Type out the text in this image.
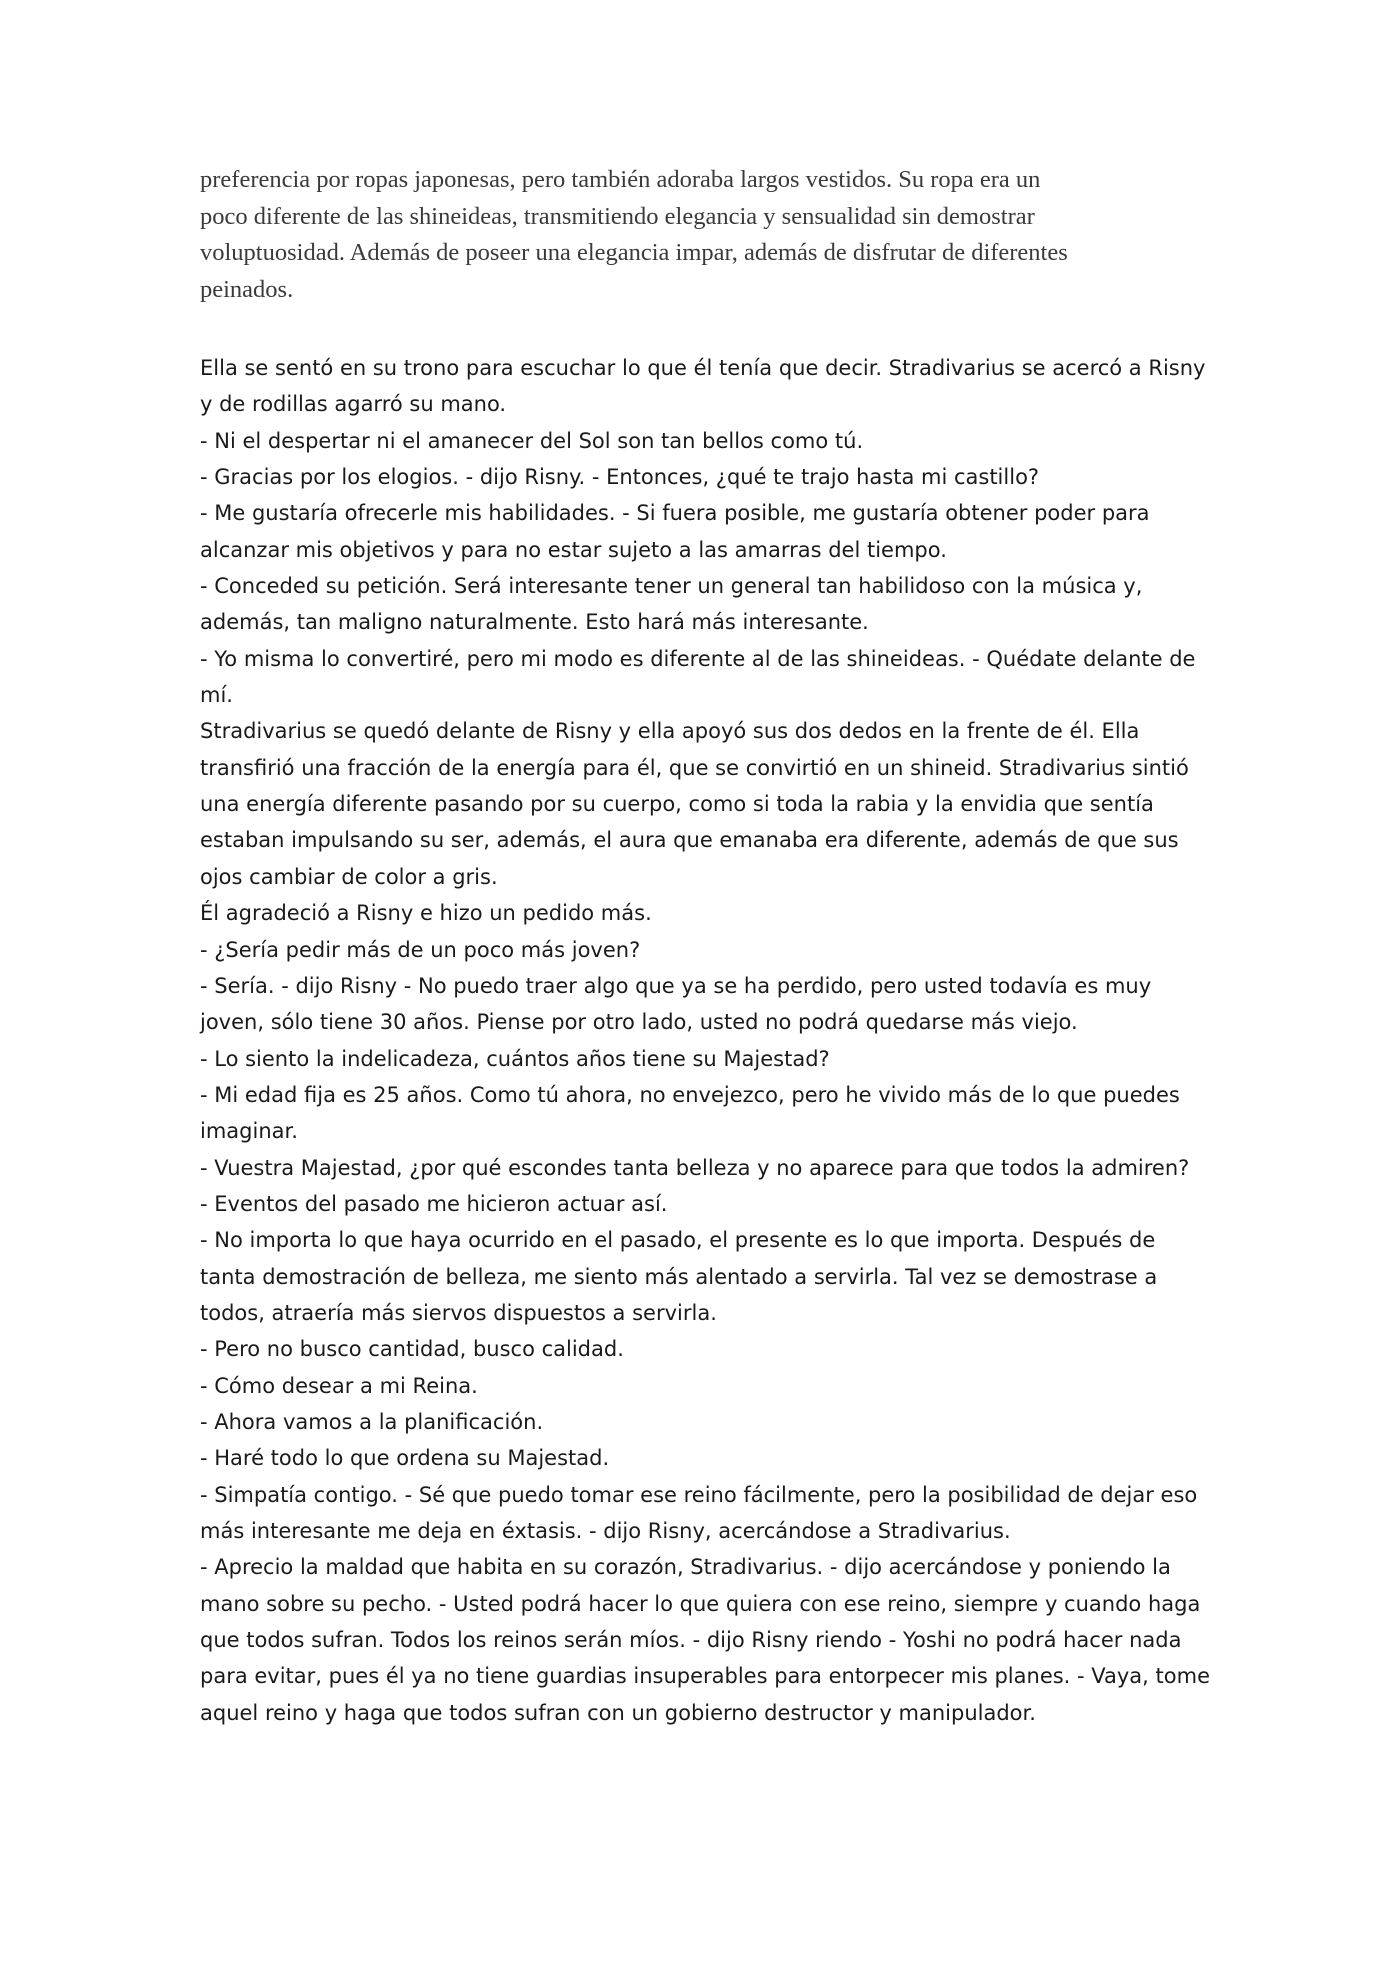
preferencia por ropas japonesas, pero también adoraba largos vestidos. Su ropa era un
poco diferente de las shineideas, transmitiendo elegancia y sensualidad sin demostrar
voluptuosidad. Además de poseer una elegancia impar, además de disfrutar de diferentes
peinados.
Ella se sentó en su trono para escuchar lo que él tenía que decir. Stradivarius se acercó a Risny
y de rodillas agarró su mano.
- Ni el despertar ni el amanecer del Sol son tan bellos como tú.
- Gracias por los elogios. - dijo Risny. - Entonces, ¿qué te trajo hasta mi castillo?
- Me gustaría ofrecerle mis habilidades. - Si fuera posible, me gustaría obtener poder para
alcanzar mis objetivos y para no estar sujeto a las amarras del tiempo.
- Conceded su petición. Será interesante tener un general tan habilidoso con la música y,
además, tan maligno naturalmente. Esto hará más interesante.
- Yo misma lo convertiré, pero mi modo es diferente al de las shineideas. - Quédate delante de
mí.
Stradivarius se quedó delante de Risny y ella apoyó sus dos dedos en la frente de él. Ella
transfirió una fracción de la energía para él, que se convirtió en un shineid. Stradivarius sintió
una energía diferente pasando por su cuerpo, como si toda la rabia y la envidia que sentía
estaban impulsando su ser, además, el aura que emanaba era diferente, además de que sus
ojos cambiar de color a gris.
Él agradeció a Risny e hizo un pedido más.
- ¿Sería pedir más de un poco más joven?
- Sería. - dijo Risny - No puedo traer algo que ya se ha perdido, pero usted todavía es muy
joven, sólo tiene 30 años. Piense por otro lado, usted no podrá quedarse más viejo.
- Lo siento la indelicadeza, cuántos años tiene su Majestad?
- Mi edad fija es 25 años. Como tú ahora, no envejezco, pero he vivido más de lo que puedes
imaginar.
- Vuestra Majestad, ¿por qué escondes tanta belleza y no aparece para que todos la admiren?
- Eventos del pasado me hicieron actuar así.
- No importa lo que haya ocurrido en el pasado, el presente es lo que importa. Después de
tanta demostración de belleza, me siento más alentado a servirla. Tal vez se demostrase a
todos, atraería más siervos dispuestos a servirla.
- Pero no busco cantidad, busco calidad.
- Cómo desear a mi Reina.
- Ahora vamos a la planificación.
- Haré todo lo que ordena su Majestad.
- Simpatía contigo. - Sé que puedo tomar ese reino fácilmente, pero la posibilidad de dejar eso
más interesante me deja en éxtasis. - dijo Risny, acercándose a Stradivarius.
- Aprecio la maldad que habita en su corazón, Stradivarius. - dijo acercándose y poniendo la
mano sobre su pecho. - Usted podrá hacer lo que quiera con ese reino, siempre y cuando haga
que todos sufran. Todos los reinos serán míos. - dijo Risny riendo - Yoshi no podrá hacer nada
para evitar, pues él ya no tiene guardias insuperables para entorpecer mis planes. - Vaya, tome
aquel reino y haga que todos sufran con un gobierno destructor y manipulador.
